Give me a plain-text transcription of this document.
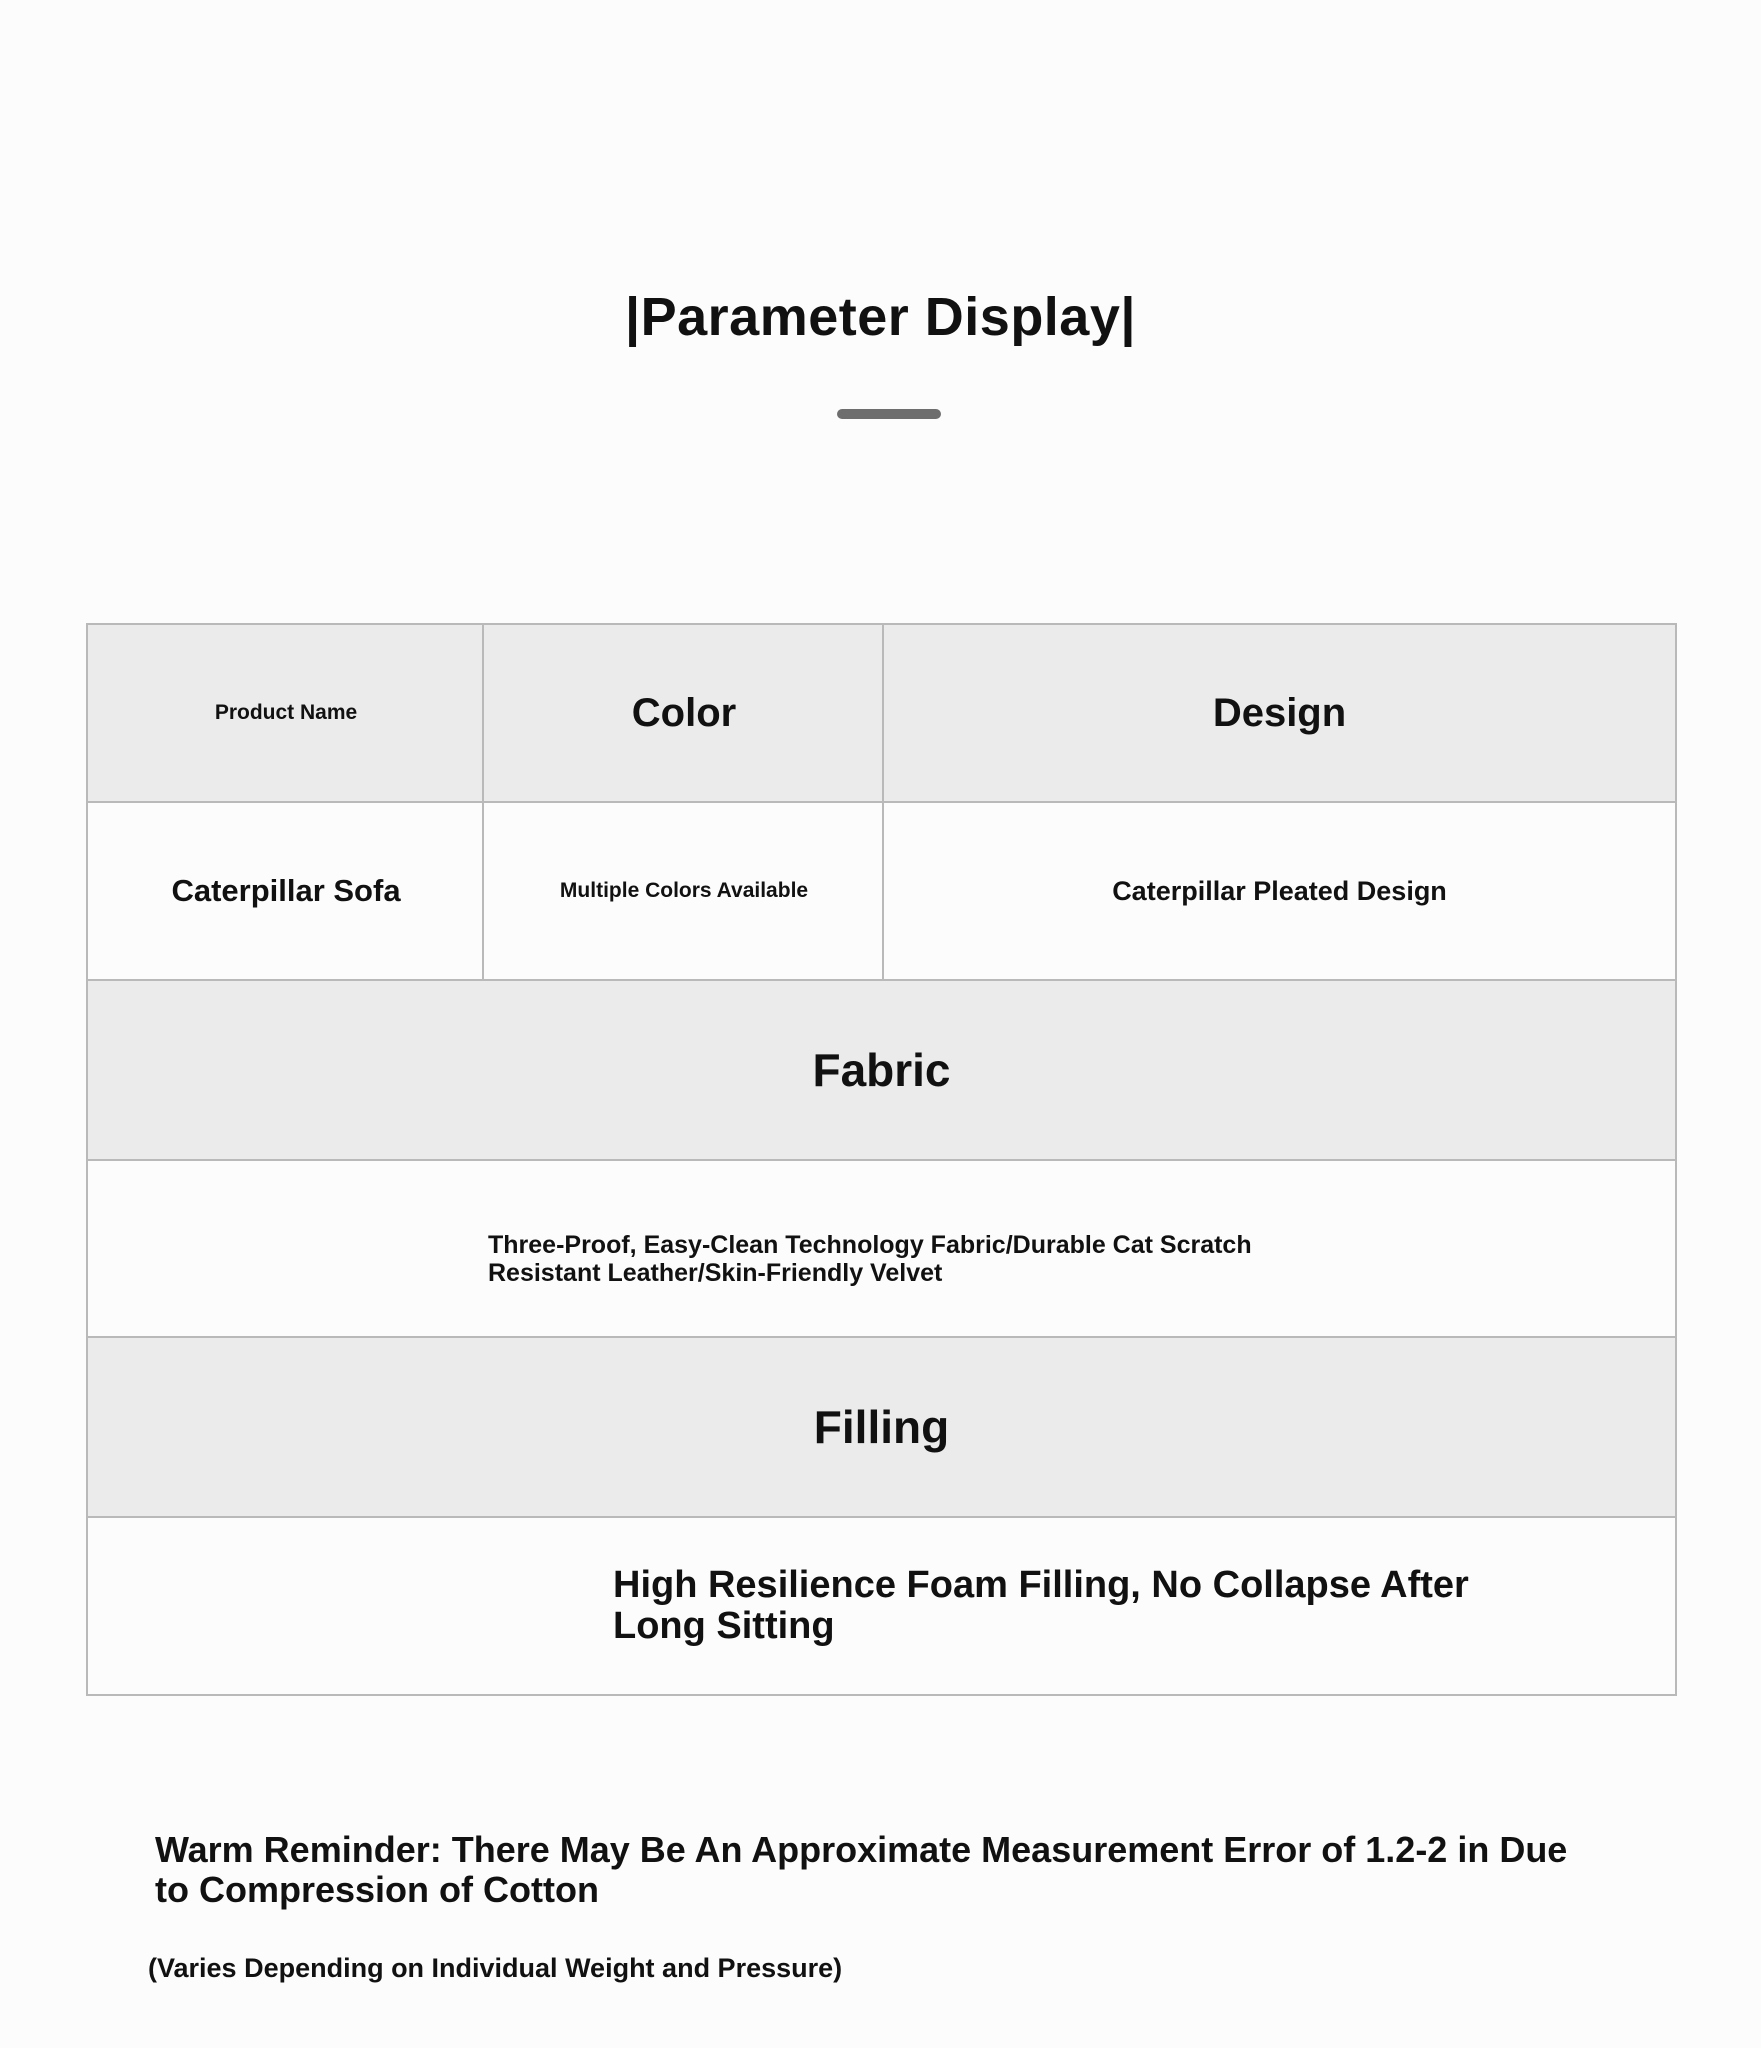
|Parameter Display|
Product Name	Color	Design
Caterpillar Sofa	Multiple Colors Available	Caterpillar Pleated Design
Fabric
Three-Proof, Easy-Clean Technology Fabric/Durable Cat Scratch Resistant Leather/Skin-Friendly Velvet
Filling
High Resilience Foam Filling, No Collapse After Long Sitting
Warm Reminder: There May Be An Approximate Measurement Error of 1.2-2 in Due to Compression of Cotton
(Varies Depending on Individual Weight and Pressure)
